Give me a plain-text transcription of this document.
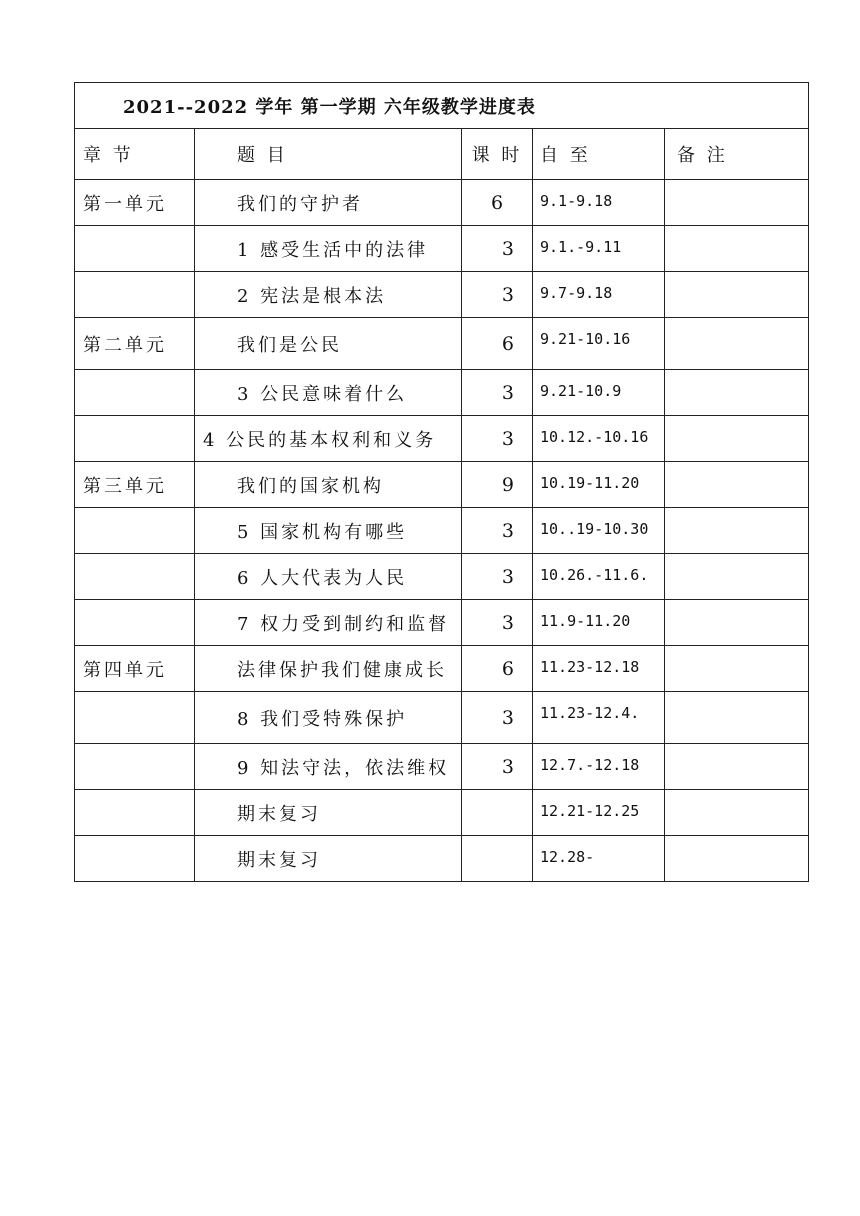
2021--2022 学年 第一学期 六年级教学进度表				
章 节	题 目	课 时	自 至	备 注
第一单元	我们的守护者	6	9.1-9.18	
	1 感受生活中的法律	3	9.1.-9.11	
	2 宪法是根本法	3	9.7-9.18	
第二单元	我们是公民	6	9.21-10.16	
	3 公民意味着什么	3	9.21-10.9	
	4 公民的基本权利和义务	3	10.12.-10.16	
第三单元	我们的国家机构	9	10.19-11.20	
	5 国家机构有哪些	3	10..19-10.30	
	6 人大代表为人民	3	10.26.-11.6.	
	7 权力受到制约和监督	3	11.9-11.20	
第四单元	法律保护我们健康成长	6	11.23-12.18	
	8 我们受特殊保护	3	11.23-12.4.	
	9 知法守法，依法维权	3	12.7.-12.18	
	期末复习		12.21-12.25	
	期末复习		12.28-	
